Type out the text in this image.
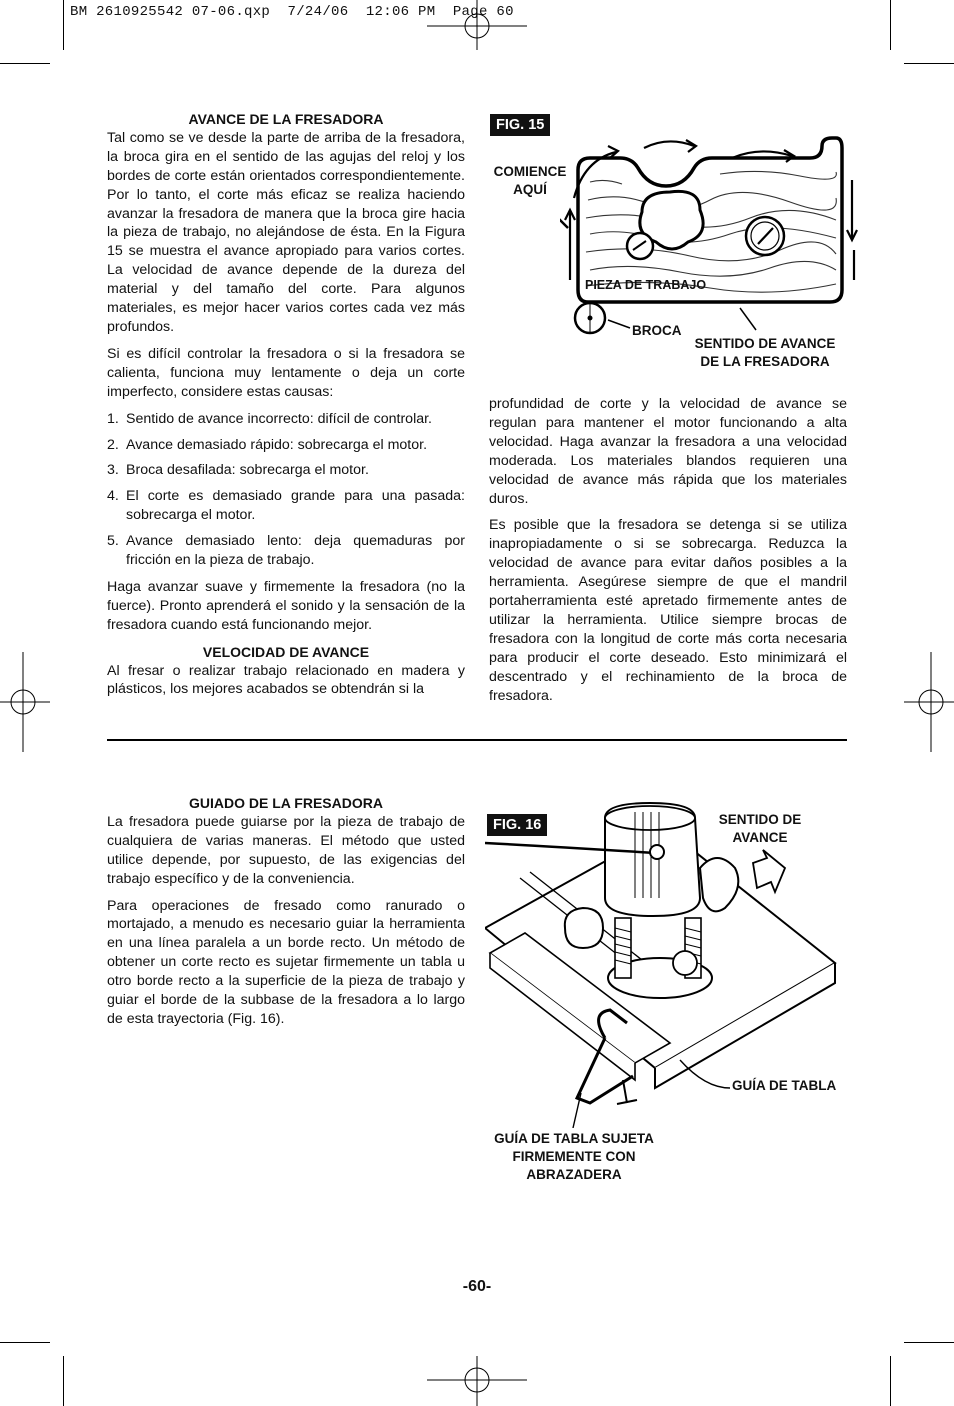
BM 2610925542 07-06.qxp  7/24/06  12:06 PM  Page 60
AVANCE DE LA FRESADORA

Tal como se ve desde la parte de arriba de la fresadora, la broca gira en el sentido de las agujas del reloj y los bordes de corte están orientados correspondientemente. Por lo tanto, el corte más eficaz se realiza haciendo avanzar la fresadora de manera que la broca gire hacia la pieza de trabajo, no alejándose de ésta. En la Figura 15 se muestra el avance apropiado para varios cortes. La velocidad de avance depende de la dureza del material y del tamaño del corte. Para algunos materiales, es mejor hacer varios cortes cada vez más profundos.

Si es difícil controlar la fresadora o si la fresadora se calienta, funciona muy lentamente o deja un corte imperfecto, considere estas causas:

1. Sentido de avance incorrecto: difícil de controlar.
2. Avance demasiado rápido: sobrecarga el motor.
3. Broca desafilada: sobrecarga el motor.
4. El corte es demasiado grande para una pasada: sobrecarga el motor.
5. Avance demasiado lento: deja quemaduras por fricción en la pieza de trabajo.

Haga avanzar suave y firmemente la fresadora (no la fuerce). Pronto aprenderá el sonido y la sensación de la fresadora cuando está funcionando mejor.

VELOCIDAD DE AVANCE

Al fresar o realizar trabajo relacionado en madera y plásticos, los mejores acabados se obtendrán si la

FIG. 15
COMIENCE
AQUÍ
PIEZA DE TRABAJO
BROCA
SENTIDO DE AVANCE
DE LA FRESADORA

profundidad de corte y la velocidad de avance se regulan para mantener el motor funcionando a alta velocidad. Haga avanzar la fresadora a una velocidad moderada. Los materiales blandos requieren una velocidad de avance más rápida que los materiales duros.

Es posible que la fresadora se detenga si se utiliza inapropiadamente o si se sobrecarga. Reduzca la velocidad de avance para evitar daños posibles a la herramienta. Asegúrese siempre de que el mandril portaherramienta esté apretado firmemente antes de utilizar la herramienta. Utilice siempre brocas de fresadora con la longitud de corte más corta necesaria para producir el corte deseado. Esto minimizará el descentrado y el rechinamiento de la broca de fresadora.

GUIADO DE LA FRESADORA

La fresadora puede guiarse por la pieza de trabajo de cualquiera de varias maneras. El método que usted utilice depende, por supuesto, de las exigencias del trabajo específico y de la conveniencia.

Para operaciones de fresado como ranurado o mortajado, a menudo es necesario guiar la herramienta en una línea paralela a un borde recto. Un método de obtener un corte recto es sujetar firmemente un tabla u otro borde recto a la superficie de la pieza de trabajo y guiar el borde de la subbase de la fresadora a lo largo de esta trayectoria (Fig. 16).

FIG. 16	SENTIDO DE
AVANCE
GUÍA DE TABLA
GUÍA DE TABLA SUJETA
FIRMEMENTE CON
ABRAZADERA
-60-
